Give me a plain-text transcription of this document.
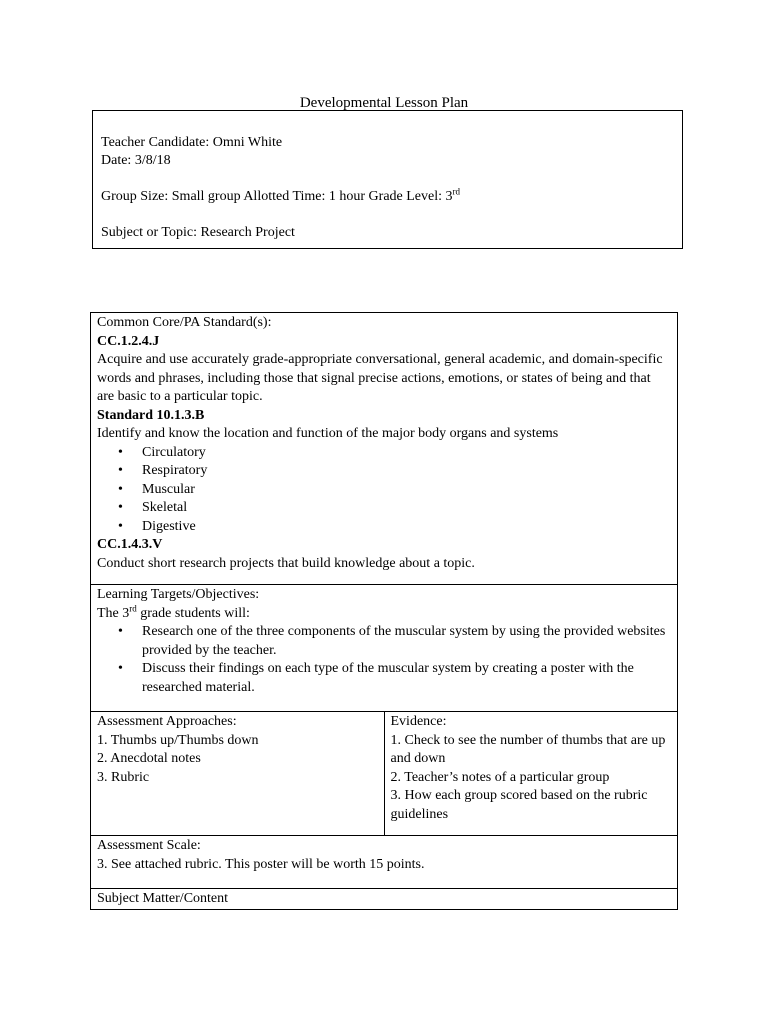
Developmental Lesson Plan
Teacher Candidate: Omni White
Date: 3/8/18
Group Size: Small group Allotted Time: 1 hour Grade Level: 3rd
Subject or Topic: Research Project
Common Core/PA Standard(s):
CC.1.2.4.J
Acquire and use accurately grade-appropriate conversational, general academic, and domain-specific words and phrases, including those that signal precise actions, emotions, or states of being and that are basic to a particular topic.
Standard 10.1.3.B
Identify and know the location and function of the major body organs and systems
• Circulatory
• Respiratory
• Muscular
• Skeletal
• Digestive
CC.1.4.3.V
Conduct short research projects that build knowledge about a topic.

Learning Targets/Objectives:
The 3rd grade students will:
• Research one of the three components of the muscular system by using the provided websites provided by the teacher.
• Discuss their findings on each type of the muscular system by creating a poster with the researched material.

Assessment Approaches:
1. Thumbs up/Thumbs down
2. Anecdotal notes
3. Rubric

Evidence:
1. Check to see the number of thumbs that are up and down
2. Teacher’s notes of a particular group
3. How each group scored based on the rubric guidelines

Assessment Scale:
3. See attached rubric. This poster will be worth 15 points.

Subject Matter/Content
